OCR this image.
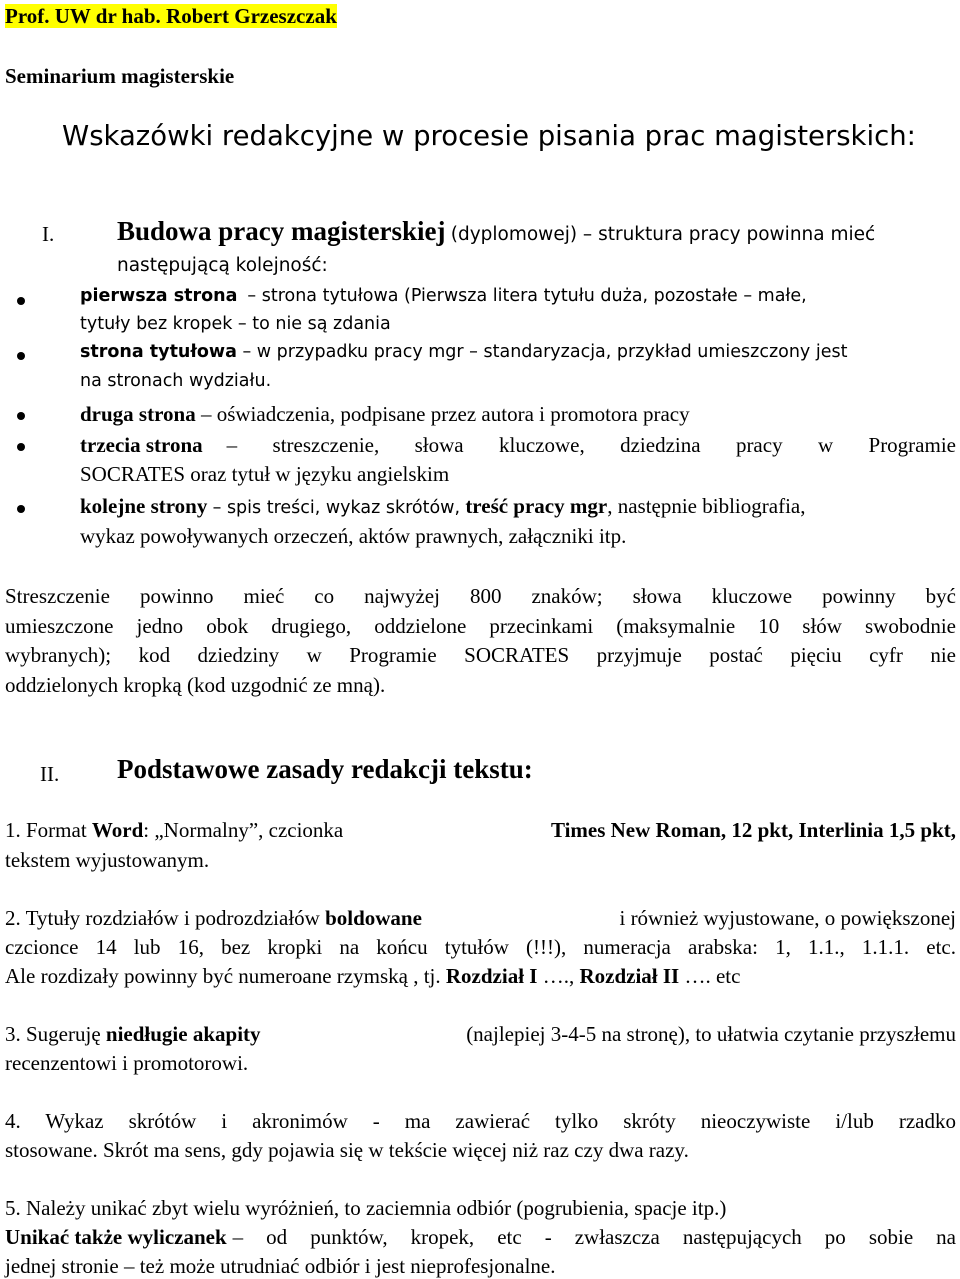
Prof. UW dr hab. Robert Grzeszczak
Seminarium magisterskie
Wskazówki redakcyjne w procesie pisania prac magisterskich:
I. Budowa pracy magisterskiej (dyplomowej) – struktura pracy powinna mieć
następującą kolejność:
pierwsza strona – strona tytułowa (Pierwsza litera tytułu duża, pozostałe – małe,
tytuły bez kropek – to nie są zdania
strona tytułowa – w przypadku pracy mgr – standaryzacja, przykład umieszczony jest
na stronach wydziału.
druga strona – oświadczenia, podpisane przez autora i promotora pracy
trzecia strona – streszczenie, słowa kluczowe, dziedzina pracy w Programie
SOCRATES oraz tytuł w języku angielskim
kolejne strony – spis treści, wykaz skrótów, treść pracy mgr, następnie bibliografia,
wykaz powoływanych orzeczeń, aktów prawnych, załączniki itp.
Streszczenie powinno mieć co najwyżej 800 znaków; słowa kluczowe powinny być
umieszczone jedno obok drugiego, oddzielone przecinkami (maksymalnie 10 słów swobodnie
wybranych); kod dziedziny w Programie SOCRATES przyjmuje postać pięciu cyfr nie
oddzielonych kropką (kod uzgodnić ze mną).
II. Podstawowe zasady redakcji tekstu:
1. Format Word: „Normalny”, czcionka	Times New Roman, 12 pkt, Interlinia 1,5 pkt,
tekstem wyjustowanym.
2. Tytuły rozdziałów i podrozdziałów boldowane	i również wyjustowane, o powiększonej
czcionce 14 lub 16, bez kropki na końcu tytułów (!!!), numeracja arabska: 1, 1.1., 1.1.1. etc.
Ale rozdizały powinny być numeroane rzymską , tj. Rozdział I …., Rozdział II …. etc
3. Sugeruję niedługie akapity	(najlepiej 3-4-5 na stronę), to ułatwia czytanie przyszłemu
recenzentowi i promotorowi.
4. Wykaz skrótów i akronimów - ma zawierać tylko skróty nieoczywiste i/lub rzadko
stosowane. Skrót ma sens, gdy pojawia się w tekście więcej niż raz czy dwa razy.
5. Należy unikać zbyt wielu wyróżnień, to zaciemnia odbiór (pogrubienia, spacje itp.)
Unikać także wyliczanek – od punktów, kropek, etc - zwłaszcza następujących po sobie na
jednej stronie – też może utrudniać odbiór i jest nieprofesjonalne.
